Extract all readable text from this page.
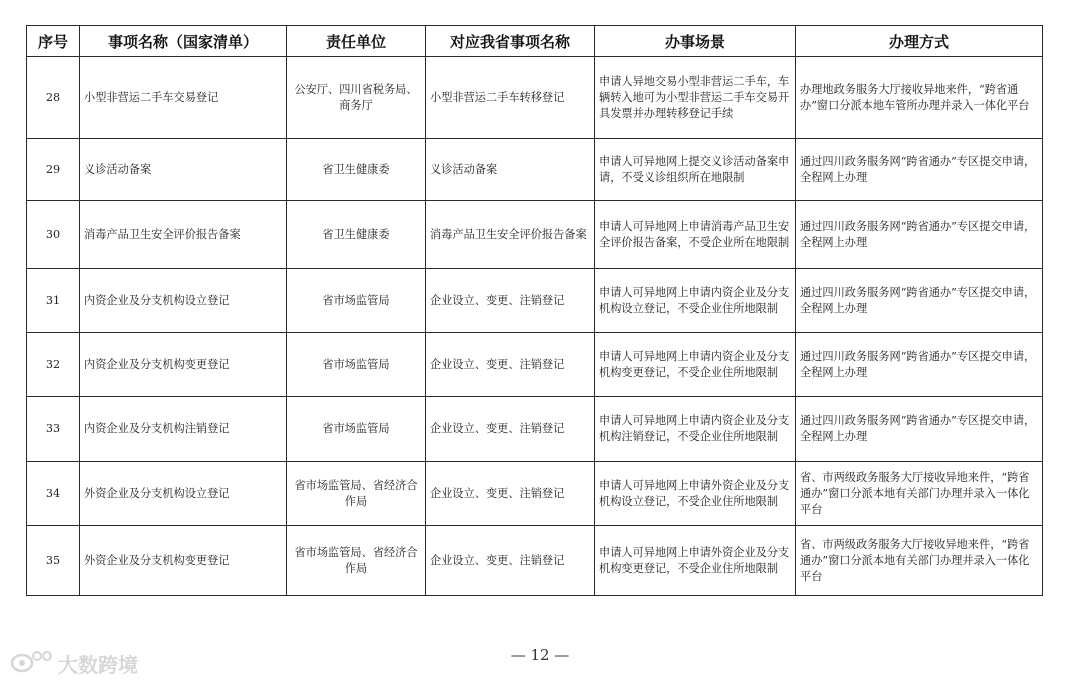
序号	事项名称（国家清单）	责任单位	对应我省事项名称	办事场景	办理方式
28	小型非营运二手车交易登记	公安厅、四川省税务局、商务厅	小型非营运二手车转移登记	申请人异地交易小型非营运二手车，车辆转入地可为小型非营运二手车交易开具发票并办理转移登记手续	办理地政务服务大厅接收异地来件，“跨省通办”窗口分派本地车管所办理并录入一体化平台
29	义诊活动备案	省卫生健康委	义诊活动备案	申请人可异地网上提交义诊活动备案申请，不受义诊组织所在地限制	通过四川政务服务网“跨省通办”专区提交申请，全程网上办理
30	消毒产品卫生安全评价报告备案	省卫生健康委	消毒产品卫生安全评价报告备案	申请人可异地网上申请消毒产品卫生安全评价报告备案，不受企业所在地限制	通过四川政务服务网“跨省通办”专区提交申请，全程网上办理
31	内资企业及分支机构设立登记	省市场监管局	企业设立、变更、注销登记	申请人可异地网上申请内资企业及分支机构设立登记，不受企业住所地限制	通过四川政务服务网“跨省通办”专区提交申请，全程网上办理
32	内资企业及分支机构变更登记	省市场监管局	企业设立、变更、注销登记	申请人可异地网上申请内资企业及分支机构变更登记，不受企业住所地限制	通过四川政务服务网“跨省通办”专区提交申请，全程网上办理
33	内资企业及分支机构注销登记	省市场监管局	企业设立、变更、注销登记	申请人可异地网上申请内资企业及分支机构注销登记，不受企业住所地限制	通过四川政务服务网“跨省通办”专区提交申请，全程网上办理
34	外资企业及分支机构设立登记	省市场监管局、省经济合作局	企业设立、变更、注销登记	申请人可异地网上申请外资企业及分支机构设立登记，不受企业住所地限制	省、市两级政务服务大厅接收异地来件，“跨省通办”窗口分派本地有关部门办理并录入一体化平台
35	外资企业及分支机构变更登记	省市场监管局、省经济合作局	企业设立、变更、注销登记	申请人可异地网上申请外资企业及分支机构变更登记，不受企业住所地限制	省、市两级政务服务大厅接收异地来件，“跨省通办”窗口分派本地有关部门办理并录入一体化平台
— 12 —
大数跨境
